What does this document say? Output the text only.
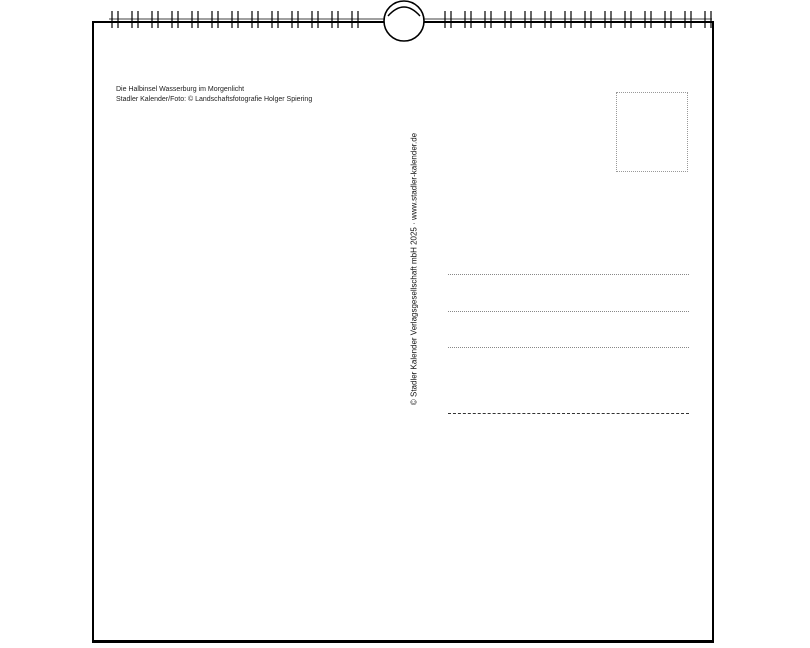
Die Halbinsel Wasserburg im Morgenlicht
Stadler Kalender/Foto: © Landschaftsfotografie Holger Spiering
© Stadler Kalender Verlagsgesellschaft mbH 2025 · www.stadler-kalender.de
